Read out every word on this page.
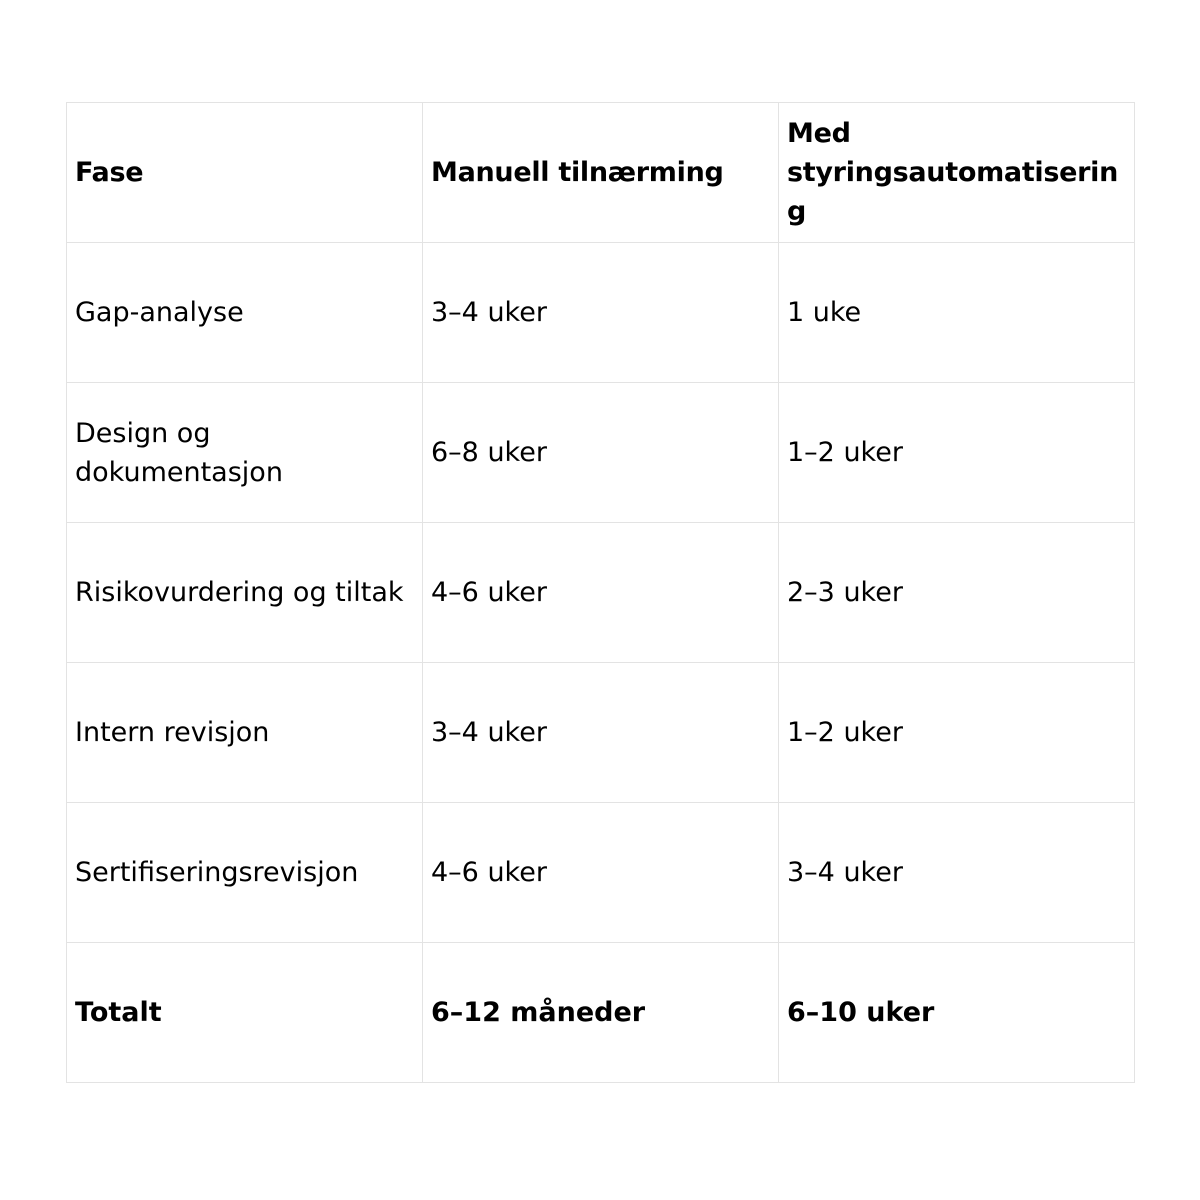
Fase	Manuell tilnærming	Med styringsautomatisering
Gap-analyse	3–4 uker	1 uke
Design og dokumentasjon	6–8 uker	1–2 uker
Risikovurdering og tiltak	4–6 uker	2–3 uker
Intern revisjon	3–4 uker	1–2 uker
Sertifiseringsrevisjon	4–6 uker	3–4 uker
Totalt	6–12 måneder	6–10 uker
